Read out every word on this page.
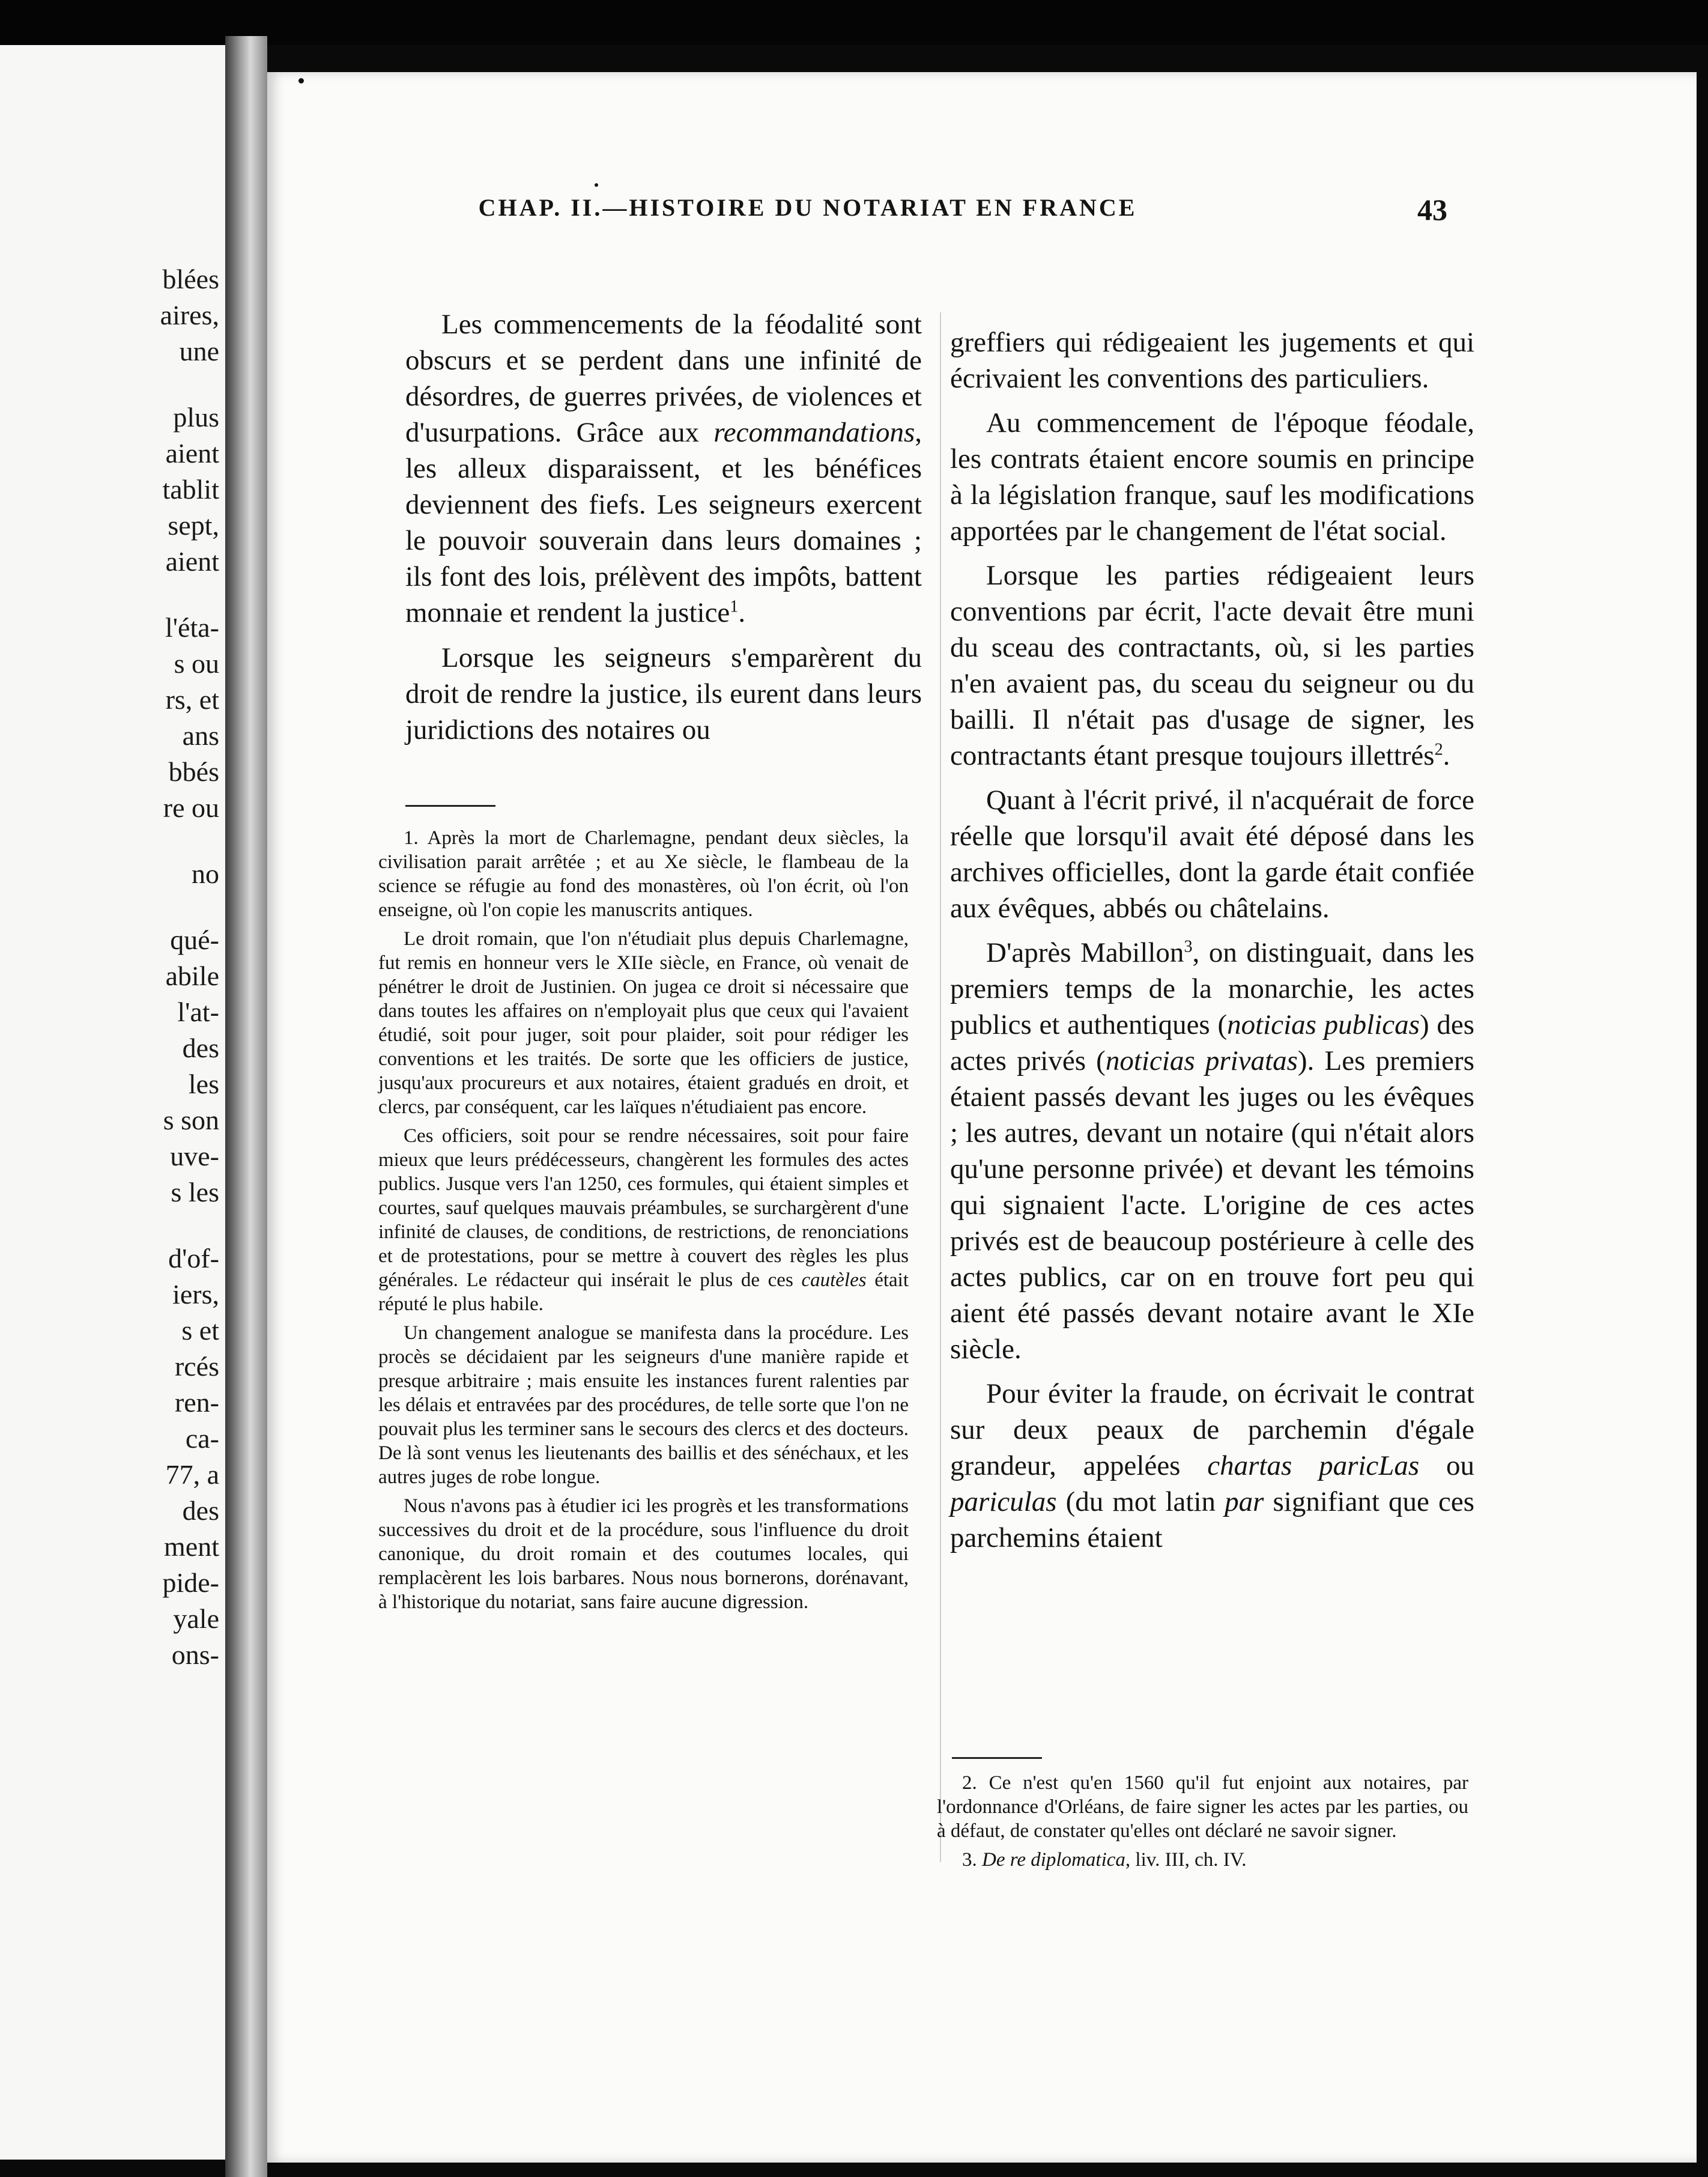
blées
aires,
une
plus
aient
tablit
sept,
aient
l'éta-
s ou
rs, et
ans
bbés
re ou
no
qué-
abile
l'at-
des
les
s son
uve-
s les
d'of-
iers,
s et
rcés
ren-
ca-
77, a
des
ment
pide-
yale
ons-
CHAP. II.—HISTOIRE DU NOTARIAT EN FRANCE	43

Les commencements de la féodalité sont obscurs et se perdent dans une infinité de désordres, de guerres privées, de violences et d'usurpations. Grâce aux recommandations, les alleux disparaissent, et les bénéfices deviennent des fiefs. Les seigneurs exercent le pouvoir souverain dans leurs domaines ; ils font des lois, prélèvent des impôts, battent monnaie et rendent la justice$^1$.

Lorsque les seigneurs s'emparèrent du droit de rendre la justice, ils eurent dans leurs juridictions des notaires ou

greffiers qui rédigeaient les jugements et qui écrivaient les conventions des particuliers.

Au commencement de l'époque féodale, les contrats étaient encore soumis en principe à la législation franque, sauf les modifications apportées par le changement de l'état social.

Lorsque les parties rédigeaient leurs conventions par écrit, l'acte devait être muni du sceau des contractants, où, si les parties n'en avaient pas, du sceau du seigneur ou du bailli. Il n'était pas d'usage de signer, les contractants étant presque toujours illettrés$^2$.

Quant à l'écrit privé, il n'acquérait de force réelle que lorsqu'il avait été déposé dans les archives officielles, dont la garde était confiée aux évêques, abbés ou châtelains.

D'après Mabillon$^3$, on distinguait, dans les premiers temps de la monarchie, les actes publics et authentiques (noticias publicas) des actes privés (noticias privatas). Les premiers étaient passés devant les juges ou les évêques ; les autres, devant un notaire (qui n'était alors qu'une personne privée) et devant les témoins qui signaient l'acte. L'origine de ces actes privés est de beaucoup postérieure à celle des actes publics, car on en trouve fort peu qui aient été passés devant notaire avant le XIe siècle.

Pour éviter la fraude, on écrivait le contrat sur deux peaux de parchemin d'égale grandeur, appelées chartas paricLas ou pariculas (du mot latin par signifiant que ces parchemins étaient

1. Après la mort de Charlemagne, pendant deux siècles, la civilisation parait arrêtée ; et au Xe siècle, le flambeau de la science se réfugie au fond des monastères, où l'on écrit, où l'on enseigne, où l'on copie les manuscrits antiques.

Le droit romain, que l'on n'étudiait plus depuis Charlemagne, fut remis en honneur vers le XIIe siècle, en France, où venait de pénétrer le droit de Justinien. On jugea ce droit si nécessaire que dans toutes les affaires on n'employait plus que ceux qui l'avaient étudié, soit pour juger, soit pour plaider, soit pour rédiger les conventions et les traités. De sorte que les officiers de justice, jusqu'aux procureurs et aux notaires, étaient gradués en droit, et clercs, par conséquent, car les laïques n'étudiaient pas encore.

Ces officiers, soit pour se rendre nécessaires, soit pour faire mieux que leurs prédécesseurs, changèrent les formules des actes publics. Jusque vers l'an 1250, ces formules, qui étaient simples et courtes, sauf quelques mauvais préambules, se surchargèrent d'une infinité de clauses, de conditions, de restrictions, de renonciations et de protestations, pour se mettre à couvert des règles les plus générales. Le rédacteur qui insérait le plus de ces cautèles était réputé le plus habile.

Un changement analogue se manifesta dans la procédure. Les procès se décidaient par les seigneurs d'une manière rapide et presque arbitraire ; mais ensuite les instances furent ralenties par les délais et entravées par des procédures, de telle sorte que l'on ne pouvait plus les terminer sans le secours des clercs et des docteurs. De là sont venus les lieutenants des baillis et des sénéchaux, et les autres juges de robe longue.

Nous n'avons pas à étudier ici les progrès et les transformations successives du droit et de la procédure, sous l'influence du droit canonique, du droit romain et des coutumes locales, qui remplacèrent les lois barbares. Nous nous bornerons, dorénavant, à l'historique du notariat, sans faire aucune digression.

2. Ce n'est qu'en 1560 qu'il fut enjoint aux notaires, par l'ordonnance d'Orléans, de faire signer les actes par les parties, ou à défaut, de constater qu'elles ont déclaré ne savoir signer.

3. De re diplomatica, liv. III, ch. IV.
